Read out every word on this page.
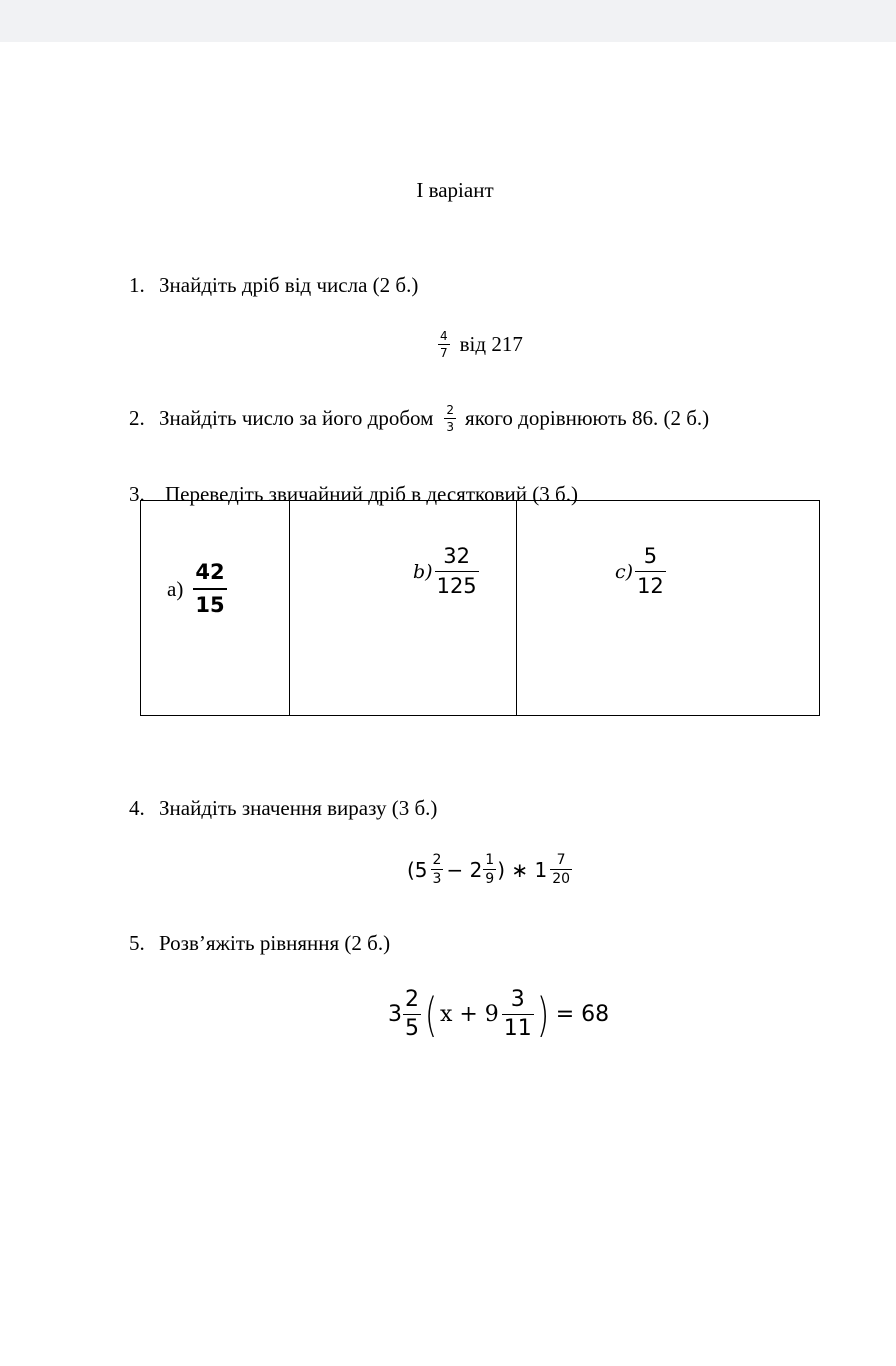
I варіант
1. Знайдіть дріб від числа (2 б.)
$\frac{4}{7}$ від 217
2. Знайдіть число за його дробом $\frac{2}{3}$ якого дорівнюють 86. (2 б.)
3. Переведіть звичайний дріб в десятковий (3 б.)
$а) \frac{42}{15}$	$b) \frac{32}{125}$	$c) \frac{5}{12}$
4. Знайдіть значення виразу (3 б.)
($5 \frac{2}{3} - 2 \frac{1}{9}$ ) ∗ $1 \frac{7}{20}$
5. Розв’яжіть рівняння (2 б.)
$3 \frac{2}{5}$ ( $x + 9 \frac{3}{11}$ ) = 68
